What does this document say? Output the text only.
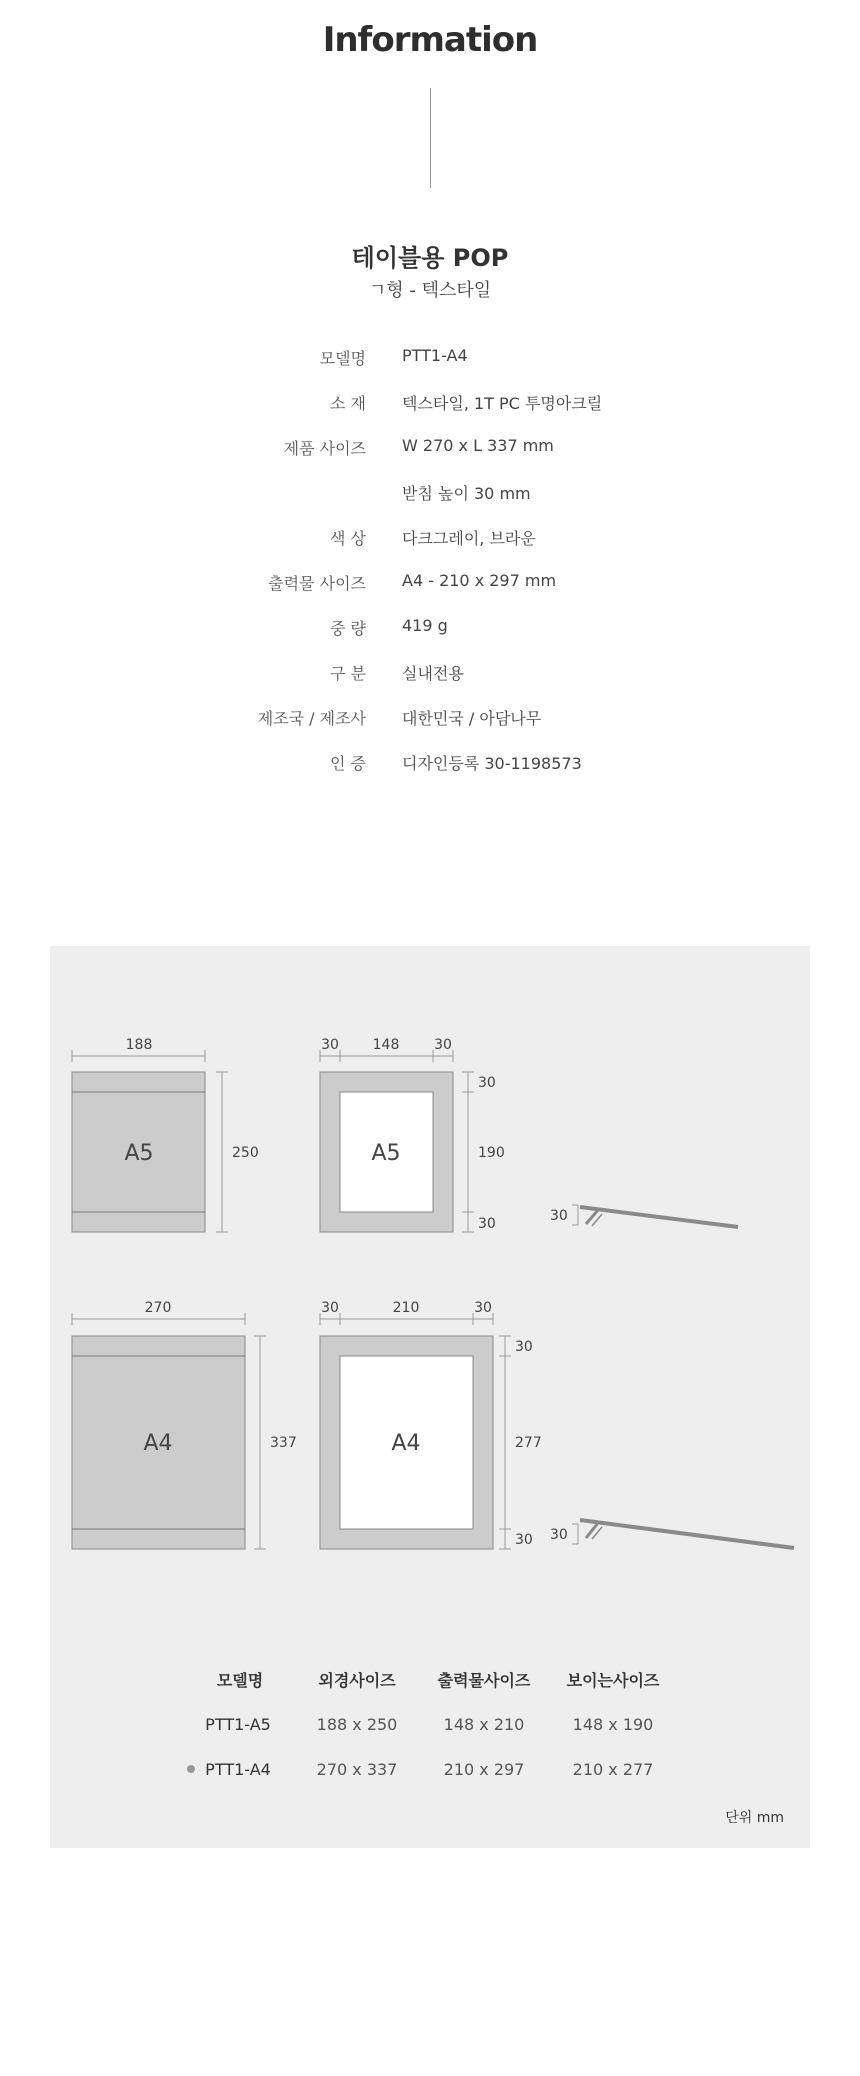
Information
테이블용 POP
ㄱ형 - 텍스타일
모델명 PTT1-A4
소 재 텍스타일, 1T PC 투명아크릴
제품 사이즈 W 270 x L 337 mm
받침 높이 30 mm
색 상 다크그레이, 브라운
출력물 사이즈 A4 - 210 x 297 mm
중 량 419 g
구 분 실내전용
제조국 / 제조사 대한민국 / 아담나무
인 증 디자인등록 30-1198573
188
250
A5
30 148 30
30
190
30
A5
30
270
337
A4
30	210	30
30
277
30
A4
30
모델명	외경사이즈	출력물사이즈 보이는사이즈
PTT1-A5	188 x 250	148 x 210	148 x 190
PTT1-A4	270 x 337	210 x 297	210 x 277
단위 mm
